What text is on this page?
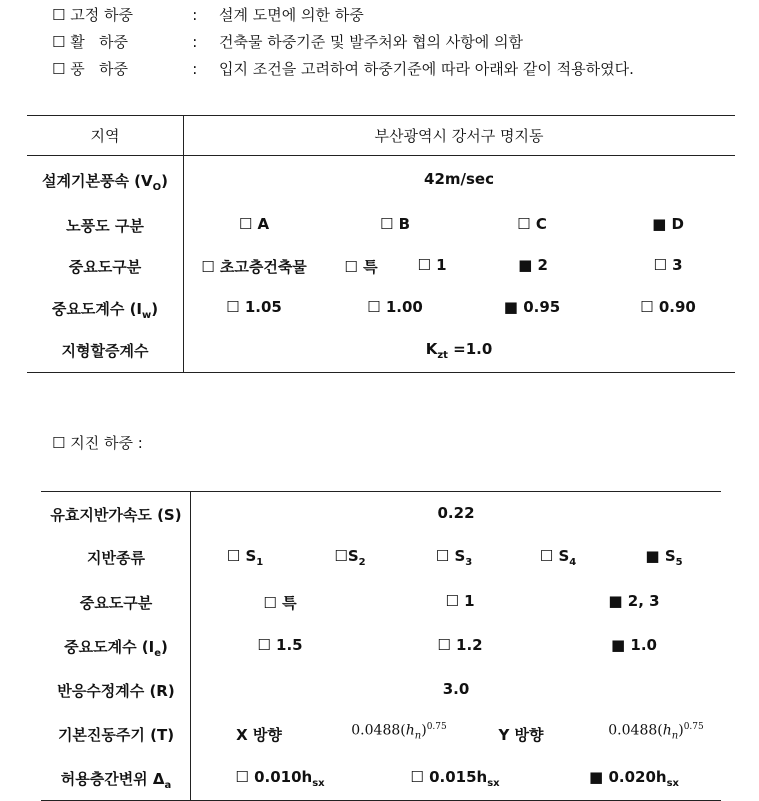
☐ 고정 하중	: 설계 도면에 의한 하중
☐ 활   하중	: 건축물 하중기준 및 발주처와 협의 사항에 의함
☐ 풍   하중	: 입지 조건을 고려하여 하중기준에 따라 아래와 같이 적용하였다.
지역	부산광역시 강서구 명지동
설계기본풍속 $(V_O)$	42m/sec
노풍도 구분	☐ A	☐ B	☐ C	■ D
중요도구분	☐ 초고층건축물	☐ 특	☐ 1	■ 2	☐ 3
중요도계수 $(I_w)$	☐ 1.05	☐ 1.00	■ 0.95	☐ 0.90
지형할증계수	$K_{zt} =1.0$
☐ 지진 하중 :
유효지반가속도 (S)	0.22
지반종류	☐ $S_1$	$☐S_2$	☐ $S_3$	☐ $S_4$	■ $S_5$
중요도구분	☐ 특	☐ 1	■ 2, 3
중요도계수 $(I_e)$	☐ 1.5	☐ 1.2	■ 1.0
반응수정계수 (R)	3.0
기본진동주기 (T)	X 방향	$0.0488(h_n)^{0.75}$	Y 방향	$0.0488(h_n)^{0.75}$
허용층간변위 $\Delta_a$	☐ $0.010h_{sx}$	☐ $0.015h_{sx}$	■ $0.020h_{sx}$
